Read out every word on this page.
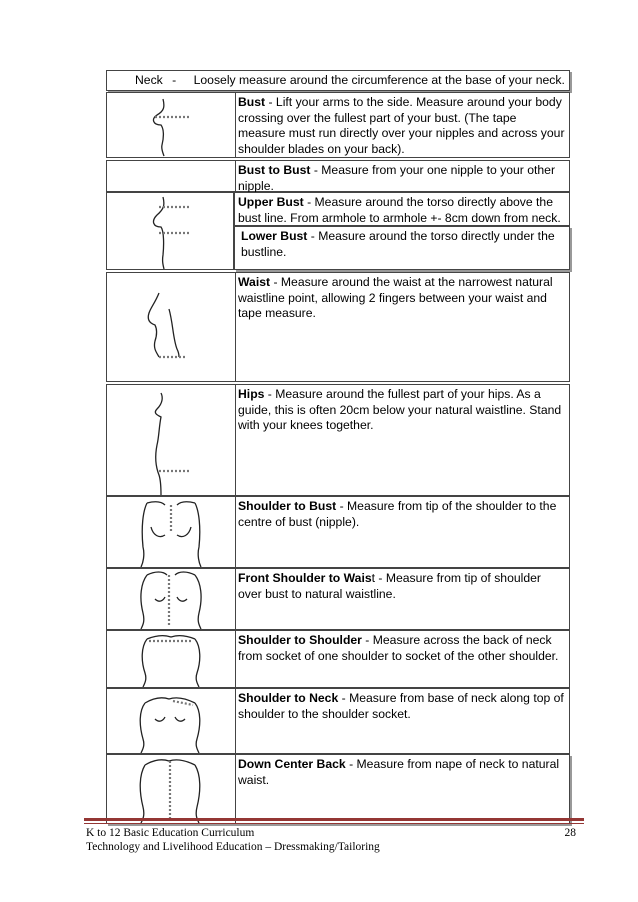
Neck - Loosely measure around the circumference at the base of your neck.
Bust - Lift your arms to the side. Measure around your body crossing over the fullest part of your bust. (The tape measure must run directly over your nipples and across your shoulder blades on your back).
Bust to Bust - Measure from your one nipple to your other nipple.
Upper Bust - Measure around the torso directly above the bust line. From armhole to armhole +- 8cm down from neck.
Lower Bust - Measure around the torso directly under the bustline.
Waist - Measure around the waist at the narrowest natural waistline point, allowing 2 fingers between your waist and tape measure.
Hips - Measure around the fullest part of your hips. As a guide, this is often 20cm below your natural waistline. Stand with your knees together.
Shoulder to Bust - Measure from tip of the shoulder to the centre of bust (nipple).
Front Shoulder to Waist - Measure from tip of shoulder over bust to natural waistline.
Shoulder to Shoulder - Measure across the back of neck from socket of one shoulder to socket of the other shoulder.
Shoulder to Neck - Measure from base of neck along top of shoulder to the shoulder socket.
Down Center Back - Measure from nape of neck to natural waist.
K to 12 Basic Education Curriculum
Technology and Livelihood Education – Dressmaking/Tailoring
28
